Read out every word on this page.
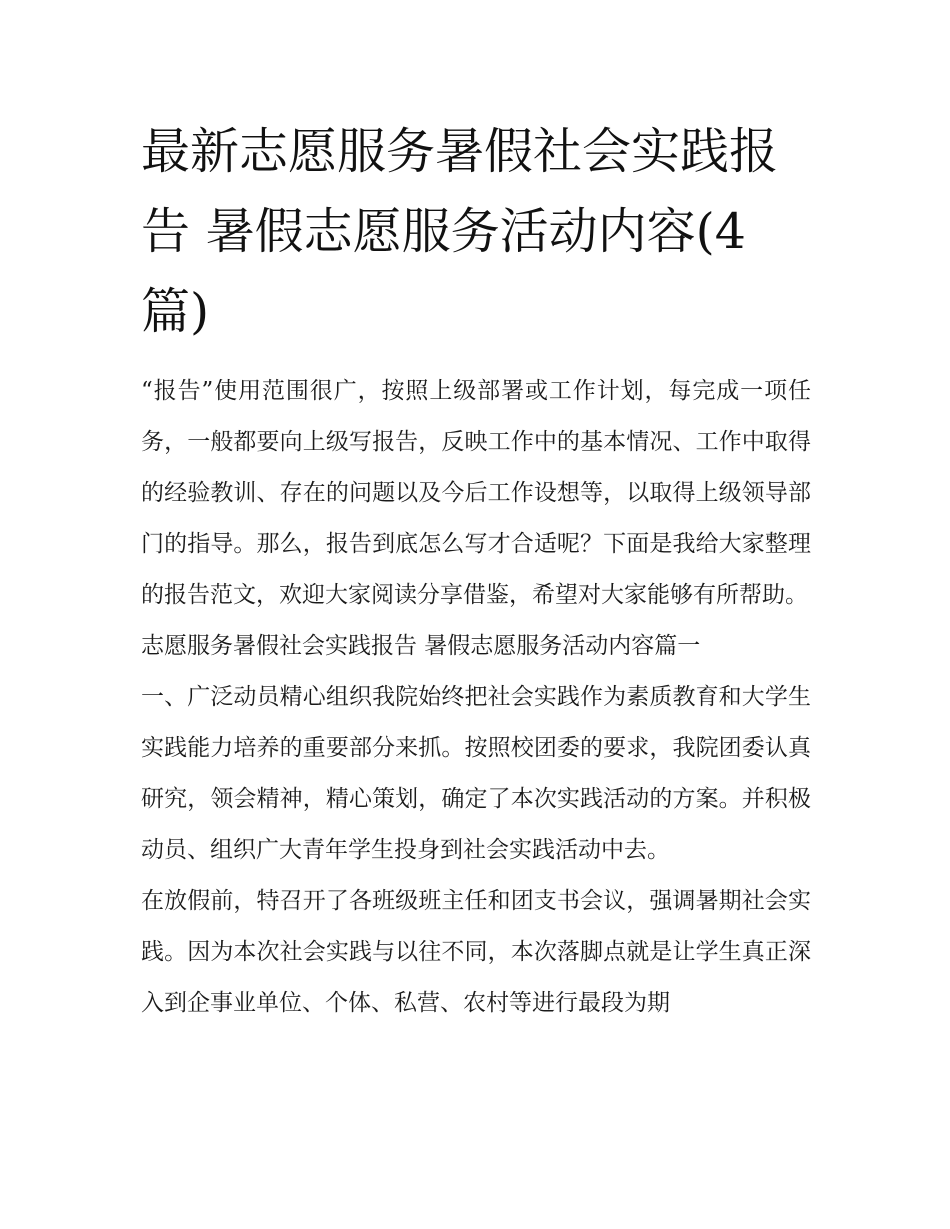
最新志愿服务暑假社会实践报告 暑假志愿服务活动内容(4篇)

“报告”使用范围很广，按照上级部署或工作计划，每完成一项任务，一般都要向上级写报告，反映工作中的基本情况、工作中取得的经验教训、存在的问题以及今后工作设想等，以取得上级领导部门的指导。那么，报告到底怎么写才合适呢？下面是我给大家整理的报告范文，欢迎大家阅读分享借鉴，希望对大家能够有所帮助。

志愿服务暑假社会实践报告 暑假志愿服务活动内容篇一

一、广泛动员精心组织我院始终把社会实践作为素质教育和大学生实践能力培养的重要部分来抓。按照校团委的要求，我院团委认真研究，领会精神，精心策划，确定了本次实践活动的方案。并积极动员、组织广大青年学生投身到社会实践活动中去。

在放假前，特召开了各班级班主任和团支书会议，强调暑期社会实践。因为本次社会实践与以往不同，本次落脚点就是让学生真正深入到企事业单位、个体、私营、农村等进行最段为期
